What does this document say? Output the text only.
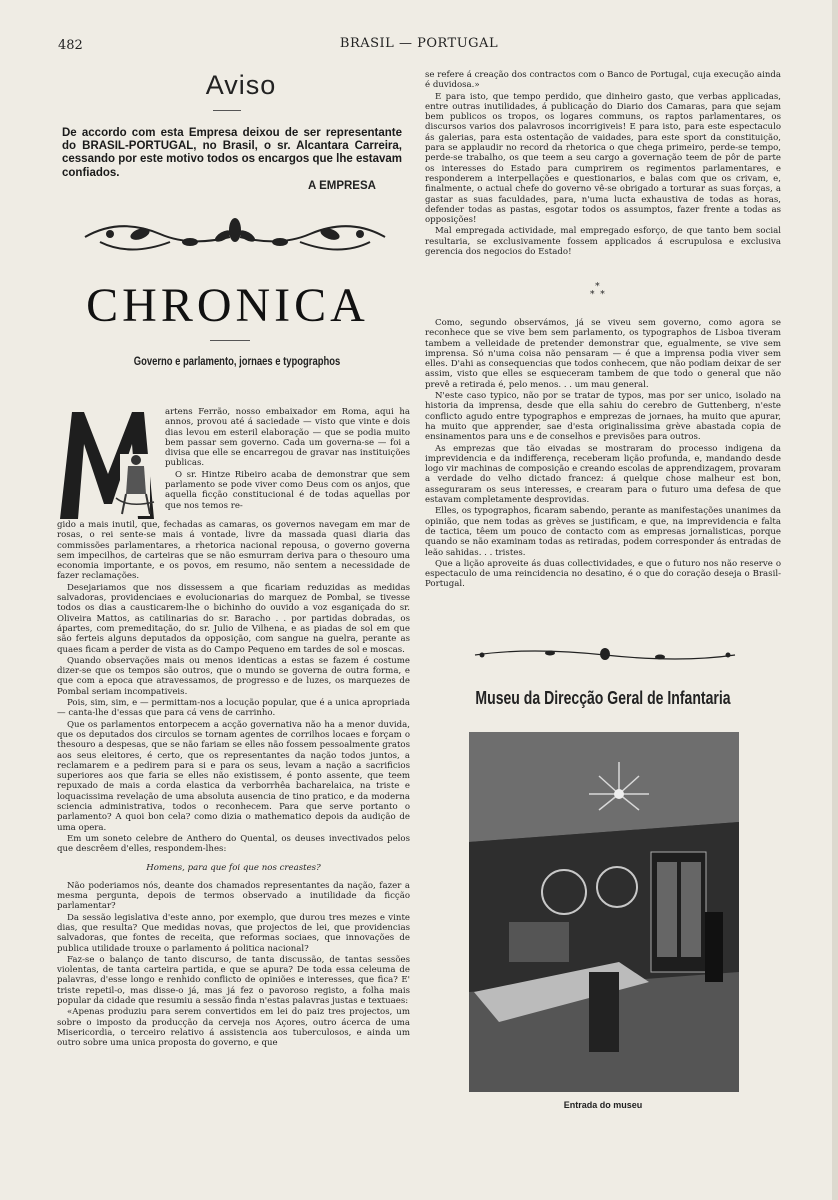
482	BRASIL — PORTUGAL
Aviso
De accordo com esta Empresa deixou de ser representante do BRASIL-PORTUGAL, no Brasil, o sr. Alcantara Carreira, cessando por este motivo todos os encargos que lhe estavam confiados.
A EMPRESA
CHRONICA
Governo e parlamento, jornaes e typographos

artens Ferrão, nosso embaixador em Roma, aqui ha annos, provou até á saciedade — visto que vinte e dois dias levou em esteril elaboração — que se podia muito bem passar sem governo. Cada um governa-se — foi a divisa que elle se encarregou de gravar nas instituições publicas.

O sr. Hintze Ribeiro acaba de demonstrar que sem parlamento se pode viver como Deus com os anjos, que aquella ficção constitucional é de todas aquellas por que nos temos re-

gido a mais inutil, que, fechadas as camaras, os governos navegam em mar de rosas, o rei sente-se mais á vontade, livre da massada quasi diaria das commissões parlamentares, a rhetorica nacional repousa, o governo governa sem impecilhos, de carteiras que se não esmurram deriva para o thesouro uma economia importante, e os povos, em resumo, não sentem a necessidade de fazer reclamações.

Desejariamos que nos dissessem a que ficariam reduzidas as medidas salvadoras, providenciaes e evolucionarias do marquez de Pombal, se tivesse todos os dias a causticarem-lhe o bichinho do ouvido a voz esganiçada do sr. Oliveira Mattos, as catilinarias do sr. Baracho . . por partidas dobradas, os ápartes, com premeditação, do sr. Julio de Vilhena, e as piadas de sol em que são ferteis alguns deputados da opposição, com sangue na guelra, perante as quaes ficam a perder de vista as do Campo Pequeno em tardes de sol e moscas.

Quando observações mais ou menos identicas a estas se fazem é costume dizer-se que os tempos são outros, que o mundo se governa de outra forma, e que com a epoca que atravessamos, de progresso e de luzes, os marquezes de Pombal seriam incompativeis.

Pois, sim, sim, e — permittam-nos a locução popular, que é a unica apropriada — canta-lhe d'essas que para cá vens de carrinho.

Que os parlamentos entorpecem a acção governativa não ha a menor duvida, que os deputados dos circulos se tornam agentes de corrilhos locaes e forçam o thesouro a despesas, que se não fariam se elles não fossem pessoalmente gratos aos seus eleitores, é certo, que os representantes da nação todos juntos, a reclamarem e a pedirem para si e para os seus, levam a nação a sacrificios superiores aos que faria se elles não existissem, é ponto assente, que teem repuxado de mais a corda elastica da verborrhêa bacharelaica, na triste e loquacissima revelação de uma absoluta ausencia de tino pratico, e da moderna sciencia administrativa, todos o reconhecem. Para que serve portanto o parlamento? A quoi bon cela? como dizia o mathematico depois da audição de uma opera.

Em um soneto celebre de Anthero do Quental, os deuses invectivados pelos que descrêem d'elles, respondem-lhes:

Homens, para que foi que nos creastes?

Não poderiamos nós, deante dos chamados representantes da nação, fazer a mesma pergunta, depois de termos observado a inutilidade da ficção parlamentar?

Da sessão legislativa d'este anno, por exemplo, que durou tres mezes e vinte dias, que resulta? Que medidas novas, que projectos de lei, que providencias salvadoras, que fontes de receita, que reformas sociaes, que innovações de publica utilidade trouxe o parlamento á politica nacional?

Faz-se o balanço de tanto discurso, de tanta discussão, de tantas sessões violentas, de tanta carteira partida, e que se apura? De toda essa celeuma de palavras, d'esse longo e renhido conflicto de opiniões e interesses, que fica? E' triste repetil-o, mas disse-o já, mas já fez o pavoroso registo, a folha mais popular da cidade que resumiu a sessão finda n'estas palavras justas e textuaes:

«Apenas produziu para serem convertidos em lei do paiz tres projectos, um sobre o imposto da producção da cerveja nos Açores, outro ácerca de uma Misericordia, o terceiro relativo á assistencia aos tuberculosos, e ainda um outro sobre uma unica proposta do governo, e que

se refere á creação dos contractos com o Banco de Portugal, cuja execução ainda é duvidosa.»

E para isto, que tempo perdido, que dinheiro gasto, que verbas applicadas, entre outras inutilidades, á publicação do Diario dos Camaras, para que sejam bem publicos os tropos, os logares communs, os raptos parlamentares, os discursos varios dos palavrosos incorrigiveis! E para isto, para este espectaculo ás galerias, para esta ostentação de vaidades, para este sport da constituição, para se applaudir no record da rhetorica o que chega primeiro, perde-se tempo, perde-se trabalho, os que teem a seu cargo a governação teem de pôr de parte os interesses do Estado para cumprirem os regimentos parlamentares, e responderem a interpellações e questionarios, e balas com que os crivam, e, finalmente, o actual chefe do governo vê-se obrigado a torturar as suas forças, a gastar as suas faculdades, para, n'uma lucta exhaustiva de todas as horas, defender todas as pastas, esgotar todos os assumptos, fazer frente a todas as opposições!

Mal empregada actividade, mal empregado esforço, de que tanto bem social resultaria, se exclusivamente fossem applicados á escrupulosa e exclusiva gerencia dos negocios do Estado!

*
*  *

Como, segundo observámos, já se viveu sem governo, como agora se reconhece que se vive bem sem parlamento, os typographos de Lisboa tiveram tambem a velleidade de pretender demonstrar que, egualmente, se vive sem imprensa. Só n'uma coisa não pensaram — é que a imprensa podia viver sem elles. D'ahi as consequencias que todos conhecem, que não podiam deixar de ser assim, visto que elles se esqueceram tambem de que todo o general que não prevê a retirada é, pelo menos. . . um mau general.

N'este caso typico, não por se tratar de typos, mas por ser unico, isolado na historia da imprensa, desde que ella sahiu do cerebro de Guttenberg, n'este conflicto agudo entre typographos e emprezas de jornaes, ha muito que apurar, ha muito que apprender, sae d'esta originalissima grève abastada copia de ensinamentos para uns e de conselhos e previsões para outros.

As emprezas que tão eivadas se mostraram do processo indigena da imprevidencia e da indifferença, receberam lição profunda, e, mandando desde logo vir machinas de composição e creando escolas de apprendizagem, provaram a verdade do velho dictado francez: á quelque chose malheur est bon, asseguraram os seus interesses, e crearam para o futuro uma defesa de que estavam completamente desprovidas.

Elles, os typographos, ficaram sabendo, perante as manifestações unanimes da opinião, que nem todas as grèves se justificam, e que, na imprevidencia e falta de tactica, têem um pouco de contacto com as empresas jornalisticas, porque quando se não examinam todas as retiradas, podem corresponder ás entradas de leão sahidas. . . tristes.

Que a lição aproveite ás duas collectividades, e que o futuro nos não reserve o espectaculo de uma reincidencia no desatino, é o que do coração deseja o Brasil-Portugal.

Museu da Direcção Geral de Infantaria
Entrada do museu
